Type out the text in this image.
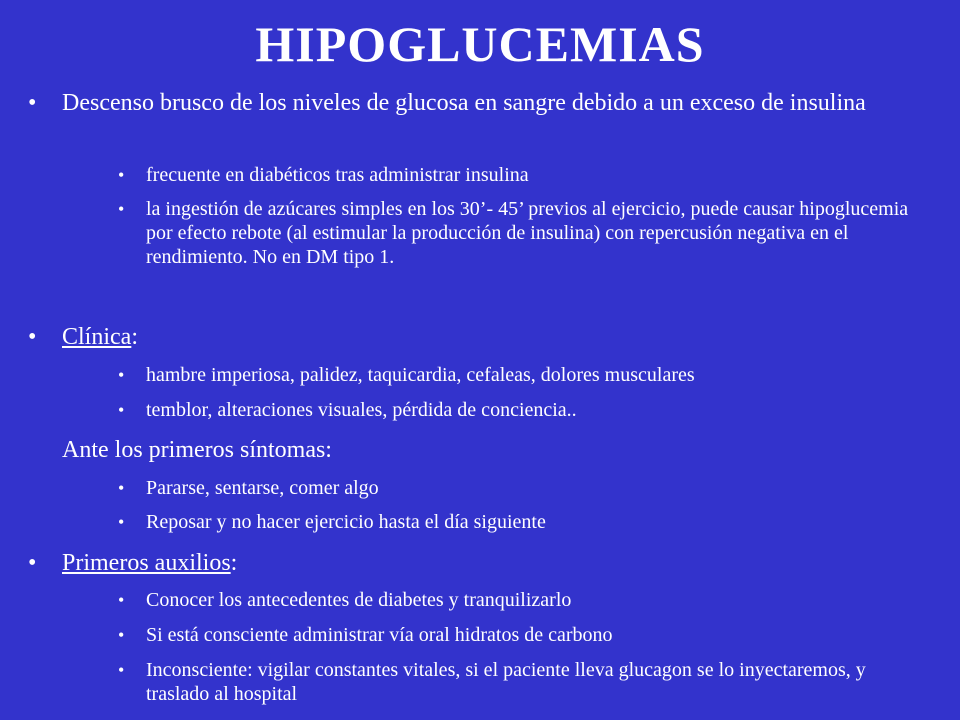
HIPOGLUCEMIAS
• Descenso brusco de los niveles de glucosa en sangre debido a un exceso de insulina
• frecuente en diabéticos tras administrar insulina
• la ingestión de azúcares simples en los 30’- 45’ previos al ejercicio, puede causar hipoglucemia por efecto rebote (al estimular la producción de insulina) con repercusión negativa en el rendimiento. No en DM tipo 1.
• Clínica:
• hambre imperiosa, palidez, taquicardia, cefaleas, dolores musculares
• temblor, alteraciones visuales, pérdida de conciencia..
Ante los primeros síntomas:
• Pararse, sentarse, comer algo
• Reposar y no hacer ejercicio hasta el día siguiente
• Primeros auxilios:
• Conocer los antecedentes de diabetes y tranquilizarlo
• Si está consciente administrar vía oral hidratos de carbono
• Inconsciente: vigilar constantes vitales, si el paciente lleva glucagon se lo inyectaremos, y traslado al hospital
